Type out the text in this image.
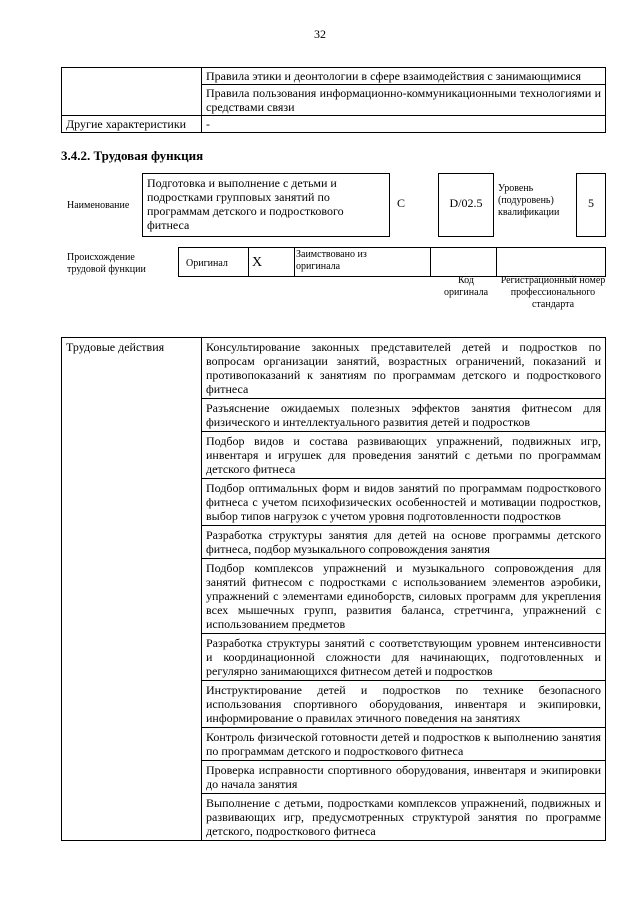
32
	Правила этики и деонтологии в сфере взаимодействия с занимающимися
	Правила пользования информационно-коммуникационными технологиями и средствами связи
Другие характеристики	-
3.4.2. Трудовая функция
Наименование
Подготовка и выполнение с детьми и подростками групповых занятий по программам детского и подросткового фитнеса
C	D/02.5
Уровень (подуровень) квалификации
5
Происхождение трудовой функции
Оригинал X
Заимствовано из оригинала
Код оригинала
Регистрационный номер профессионального стандарта
Трудовые действия	Консультирование законных представителей детей и подростков по вопросам организации занятий, возрастных ограничений, показаний и противопоказаний к занятиям по программам детского и подросткового фитнеса
Разъяснение ожидаемых полезных эффектов занятия фитнесом для физического и интеллектуального развития детей и подростков
Подбор видов и состава развивающих упражнений, подвижных игр, инвентаря и игрушек для проведения занятий с детьми по программам детского фитнеса
Подбор оптимальных форм и видов занятий по программам подросткового фитнеса с учетом психофизических особенностей и мотивации подростков, выбор типов нагрузок с учетом уровня подготовленности подростков
Разработка структуры занятия для детей на основе программы детского фитнеса, подбор музыкального сопровождения занятия
Подбор комплексов упражнений и музыкального сопровождения для занятий фитнесом с подростками с использованием элементов аэробики, упражнений с элементами единоборств, силовых программ для укрепления всех мышечных групп, развития баланса, стретчинга, упражнений с использованием предметов
Разработка структуры занятий с соответствующим уровнем интенсивности и координационной сложности для начинающих, подготовленных и регулярно занимающихся фитнесом детей и подростков
Инструктирование детей и подростков по технике безопасного использования спортивного оборудования, инвентаря и экипировки, информирование о правилах этичного поведения на занятиях
Контроль физической готовности детей и подростков к выполнению занятия по программам детского и подросткового фитнеса
Проверка исправности спортивного оборудования, инвентаря и экипировки до начала занятия
Выполнение с детьми, подростками комплексов упражнений, подвижных и развивающих игр, предусмотренных структурой занятия по программе детского, подросткового фитнеса
